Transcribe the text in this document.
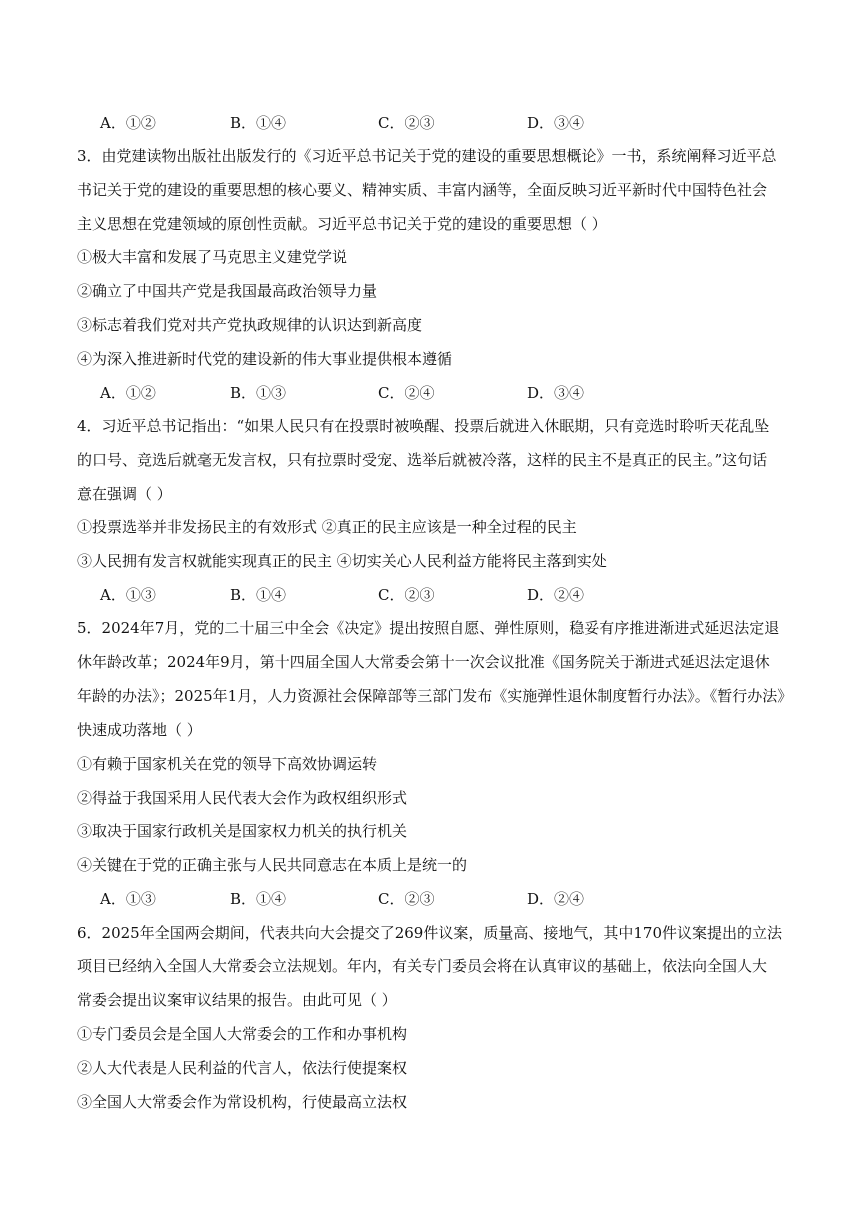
A．①②	B．①④	C．②③	D．③④
3．由党建读物出版社出版发行的《习近平总书记关于党的建设的重要思想概论》一书，系统阐释习近平总
书记关于党的建设的重要思想的核心要义、精神实质、丰富内涵等，全面反映习近平新时代中国特色社会
主义思想在党建领域的原创性贡献。习近平总书记关于党的建设的重要思想（ ）
①极大丰富和发展了马克思主义建党学说
②确立了中国共产党是我国最高政治领导力量
③标志着我们党对共产党执政规律的认识达到新高度
④为深入推进新时代党的建设新的伟大事业提供根本遵循
A．①②	B．①③	C．②④	D．③④
4．习近平总书记指出：“如果人民只有在投票时被唤醒、投票后就进入休眠期，只有竞选时聆听天花乱坠
的口号、竞选后就毫无发言权，只有拉票时受宠、选举后就被冷落，这样的民主不是真正的民主。”这句话
意在强调（ ）
①投票选举并非发扬民主的有效形式 ②真正的民主应该是一种全过程的民主
③人民拥有发言权就能实现真正的民主 ④切实关心人民利益方能将民主落到实处
A．①③	B．①④	C．②③	D．②④
5．2024年7月，党的二十届三中全会《决定》提出按照自愿、弹性原则，稳妥有序推进渐进式延迟法定退
休年龄改革；2024年9月，第十四届全国人大常委会第十一次会议批准《国务院关于渐进式延迟法定退休
年龄的办法》；2025年1月，人力资源社会保障部等三部门发布《实施弹性退休制度暂行办法》。《暂行办法》
快速成功落地（ ）
①有赖于国家机关在党的领导下高效协调运转
②得益于我国采用人民代表大会作为政权组织形式
③取决于国家行政机关是国家权力机关的执行机关
④关键在于党的正确主张与人民共同意志在本质上是统一的
A．①③	B．①④	C．②③	D．②④
6．2025年全国两会期间，代表共向大会提交了269件议案，质量高、接地气，其中170件议案提出的立法
项目已经纳入全国人大常委会立法规划。年内，有关专门委员会将在认真审议的基础上，依法向全国人大
常委会提出议案审议结果的报告。由此可见（ ）
①专门委员会是全国人大常委会的工作和办事机构
②人大代表是人民利益的代言人，依法行使提案权
③全国人大常委会作为常设机构，行使最高立法权
